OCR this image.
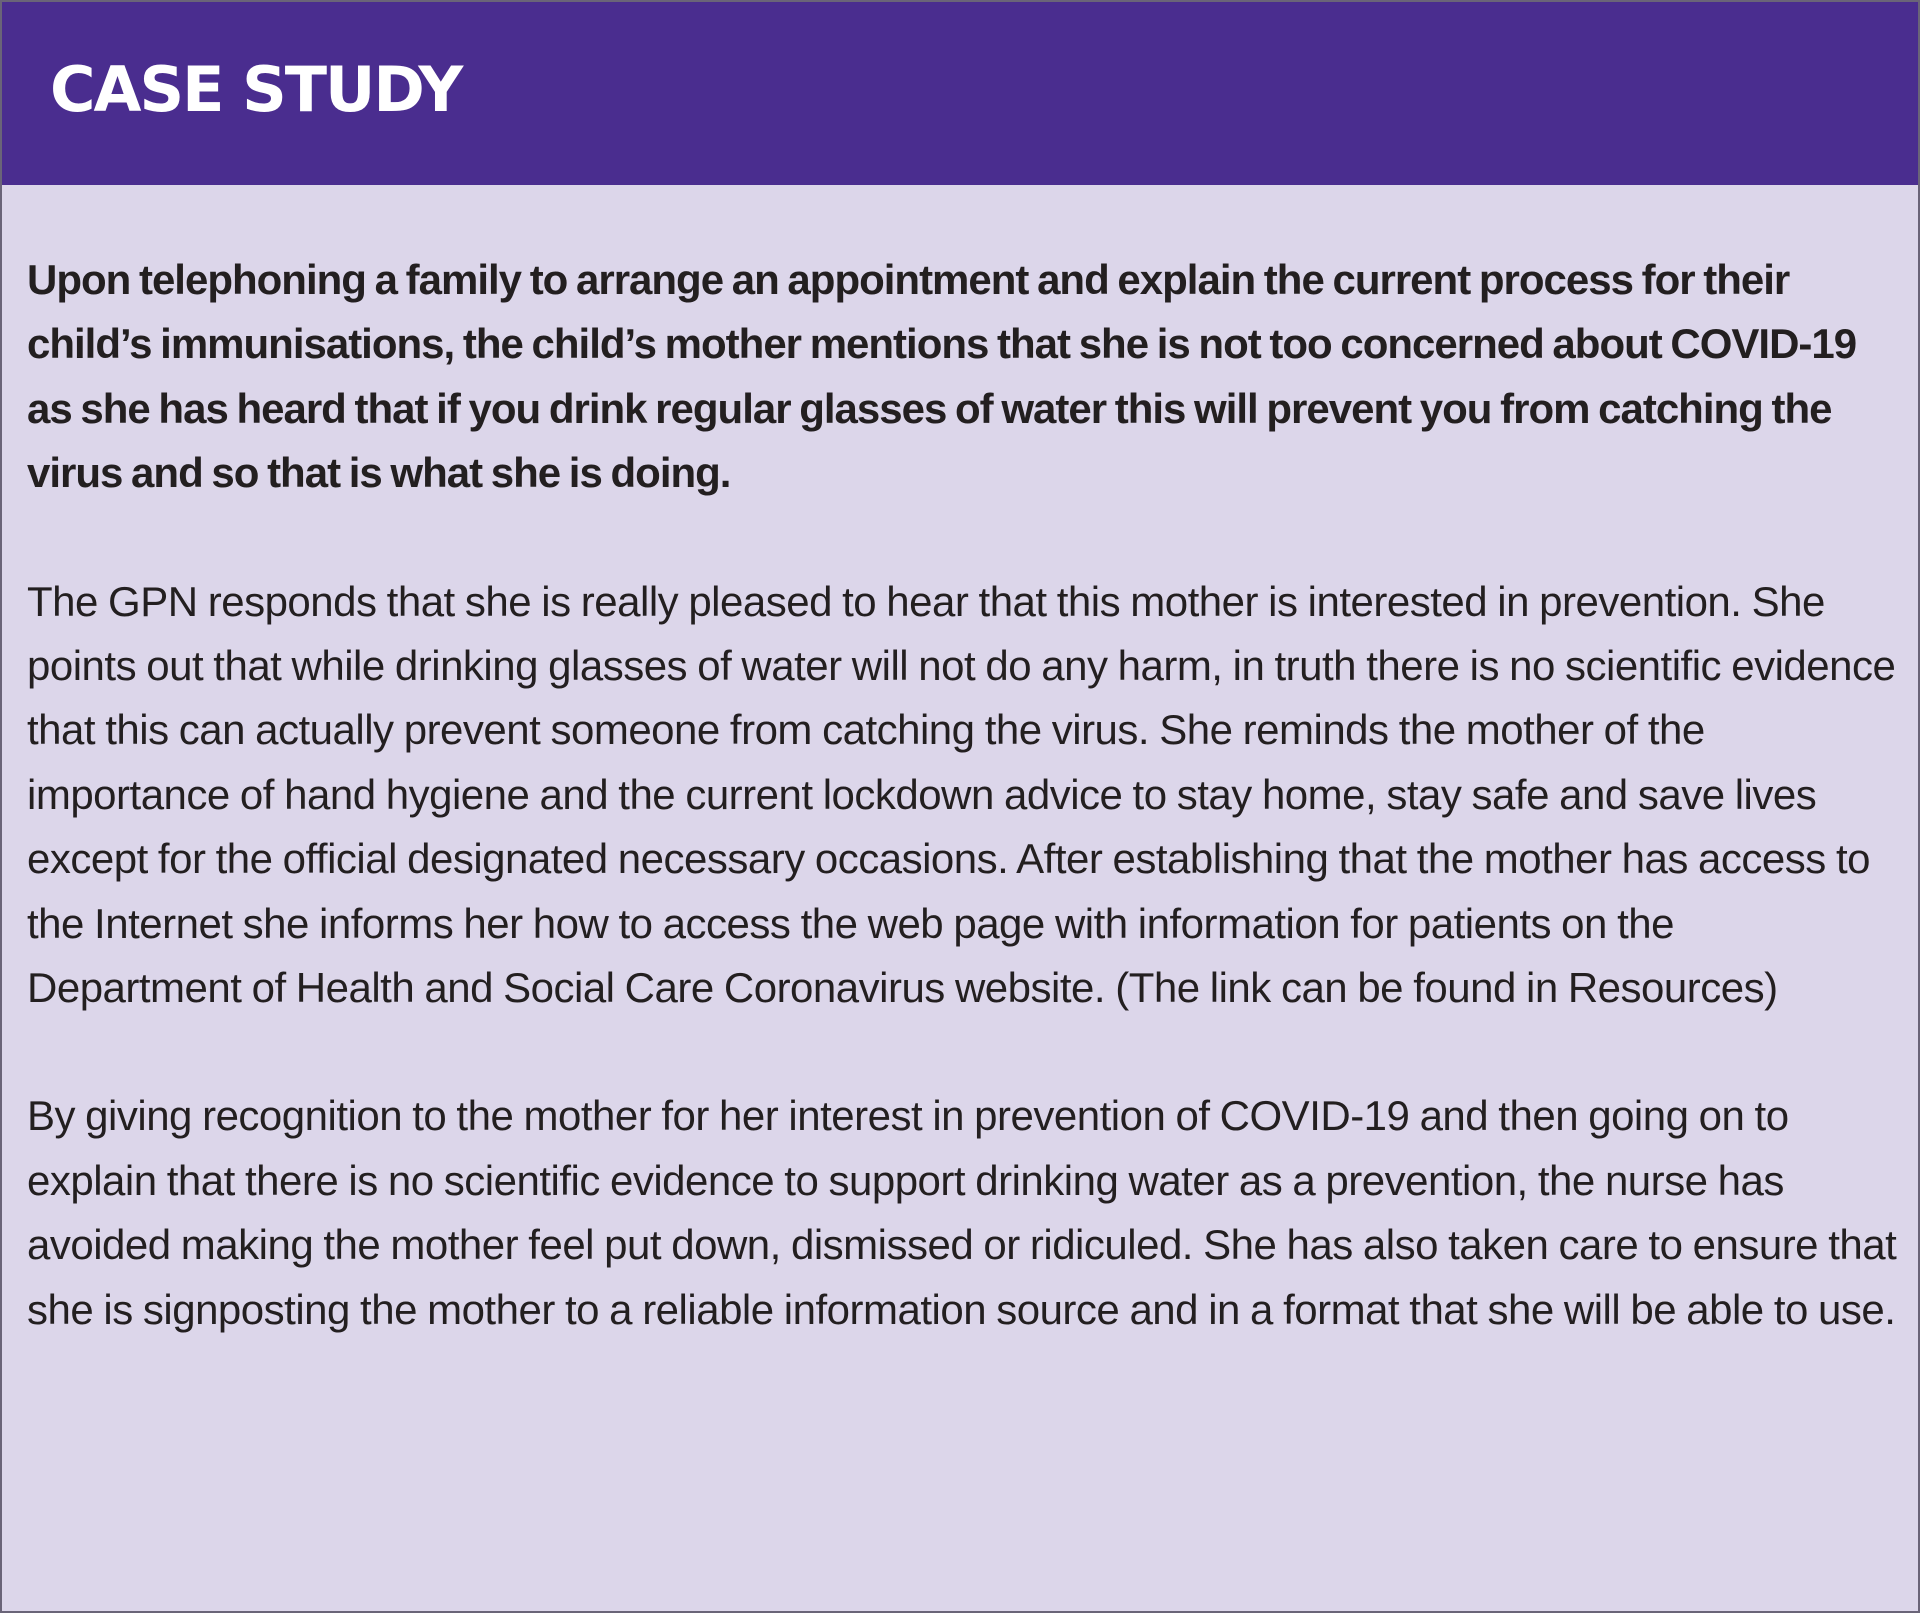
CASE STUDY

Upon telephoning a family to arrange an appointment and explain the current process for their child’s immunisations, the child’s mother mentions that she is not too concerned about COVID-19 as she has heard that if you drink regular glasses of water this will prevent you from catching the virus and so that is what she is doing.

The GPN responds that she is really pleased to hear that this mother is interested in prevention. She points out that while drinking glasses of water will not do any harm, in truth there is no scientific evidence that this can actually prevent someone from catching the virus. She reminds the mother of the importance of hand hygiene and the current lockdown advice to stay home, stay safe and save lives except for the official designated necessary occasions. After establishing that the mother has access to the Internet she informs her how to access the web page with information for patients on the Department of Health and Social Care Coronavirus website. (The link can be found in Resources)

By giving recognition to the mother for her interest in prevention of COVID-19 and then going on to explain that there is no scientific evidence to support drinking water as a prevention, the nurse has avoided making the mother feel put down, dismissed or ridiculed. She has also taken care to ensure that she is signposting the mother to a reliable information source and in a format that she will be able to use.
